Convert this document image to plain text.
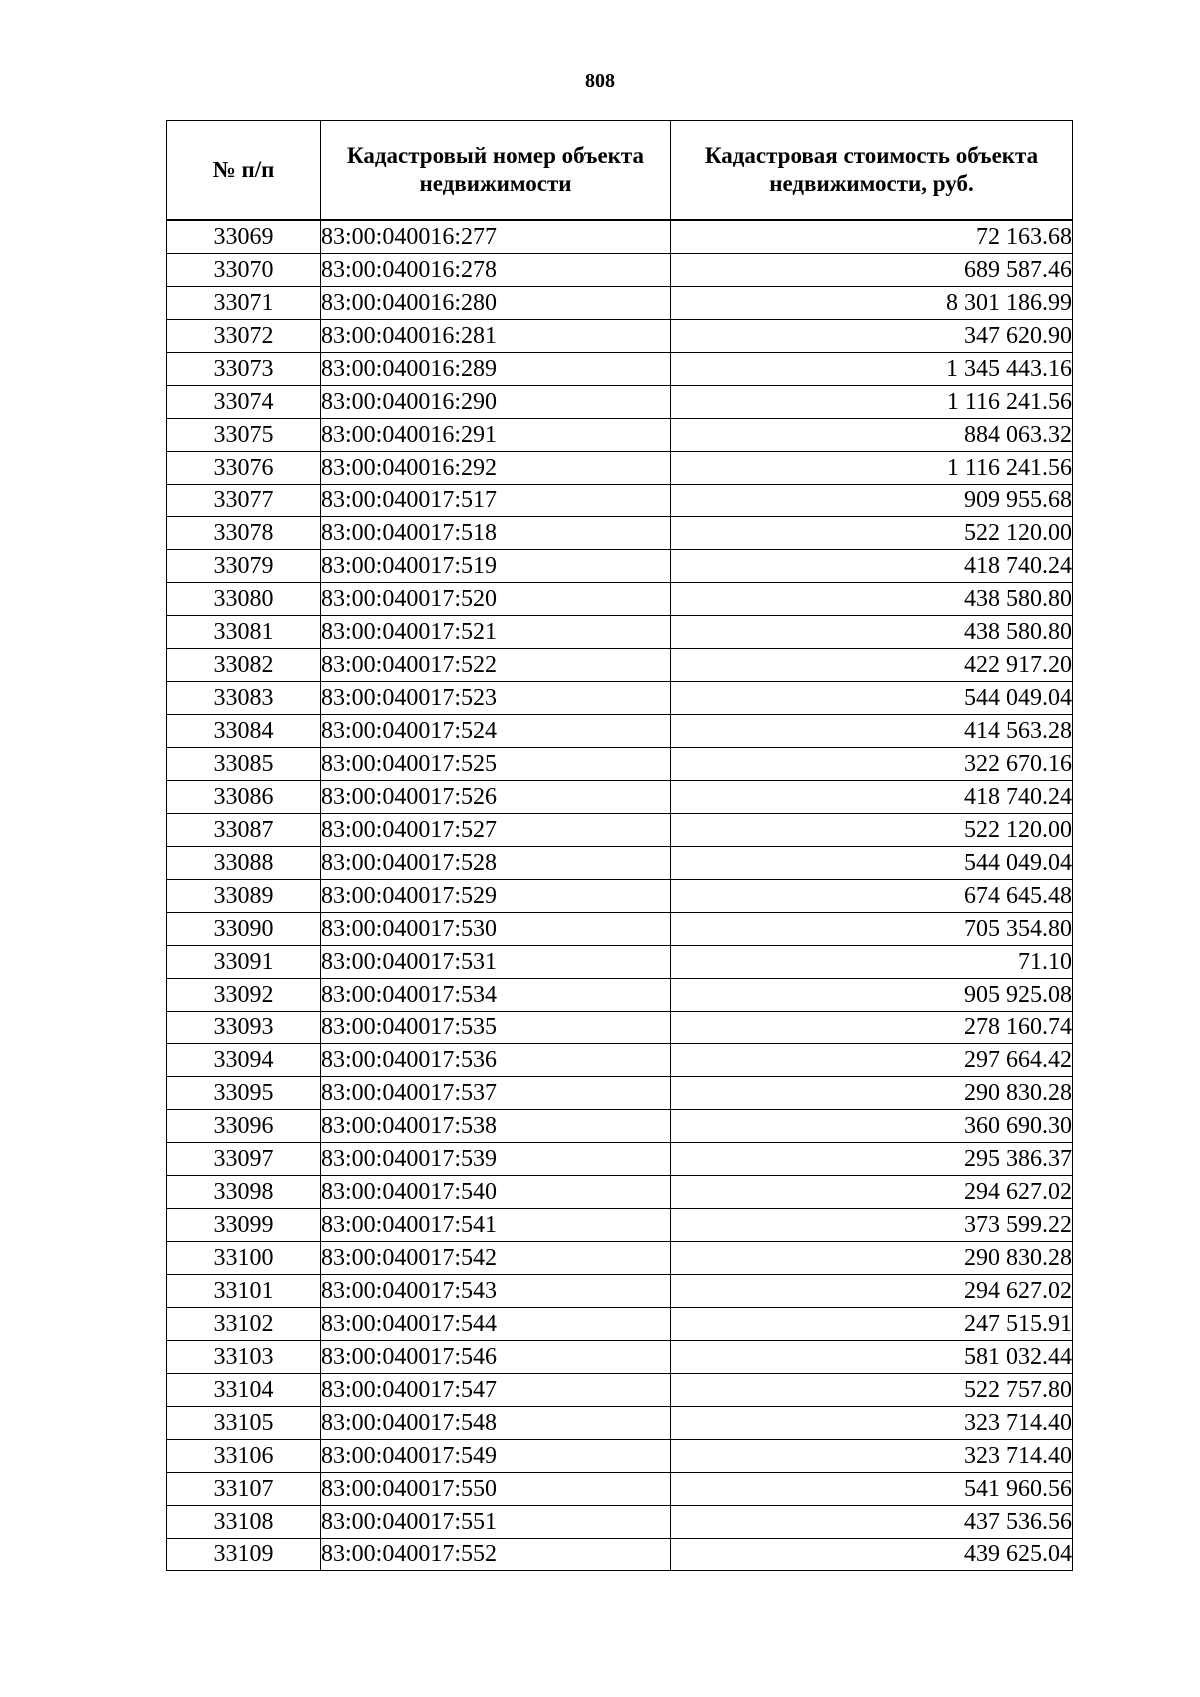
808
№ п/п	Кадастровый номер объекта недвижимости	Кадастровая стоимость объекта недвижимости, руб.
33069	83:00:040016:277	72 163.68
33070	83:00:040016:278	689 587.46
33071	83:00:040016:280	8 301 186.99
33072	83:00:040016:281	347 620.90
33073	83:00:040016:289	1 345 443.16
33074	83:00:040016:290	1 116 241.56
33075	83:00:040016:291	884 063.32
33076	83:00:040016:292	1 116 241.56
33077	83:00:040017:517	909 955.68
33078	83:00:040017:518	522 120.00
33079	83:00:040017:519	418 740.24
33080	83:00:040017:520	438 580.80
33081	83:00:040017:521	438 580.80
33082	83:00:040017:522	422 917.20
33083	83:00:040017:523	544 049.04
33084	83:00:040017:524	414 563.28
33085	83:00:040017:525	322 670.16
33086	83:00:040017:526	418 740.24
33087	83:00:040017:527	522 120.00
33088	83:00:040017:528	544 049.04
33089	83:00:040017:529	674 645.48
33090	83:00:040017:530	705 354.80
33091	83:00:040017:531	71.10
33092	83:00:040017:534	905 925.08
33093	83:00:040017:535	278 160.74
33094	83:00:040017:536	297 664.42
33095	83:00:040017:537	290 830.28
33096	83:00:040017:538	360 690.30
33097	83:00:040017:539	295 386.37
33098	83:00:040017:540	294 627.02
33099	83:00:040017:541	373 599.22
33100	83:00:040017:542	290 830.28
33101	83:00:040017:543	294 627.02
33102	83:00:040017:544	247 515.91
33103	83:00:040017:546	581 032.44
33104	83:00:040017:547	522 757.80
33105	83:00:040017:548	323 714.40
33106	83:00:040017:549	323 714.40
33107	83:00:040017:550	541 960.56
33108	83:00:040017:551	437 536.56
33109	83:00:040017:552	439 625.04
